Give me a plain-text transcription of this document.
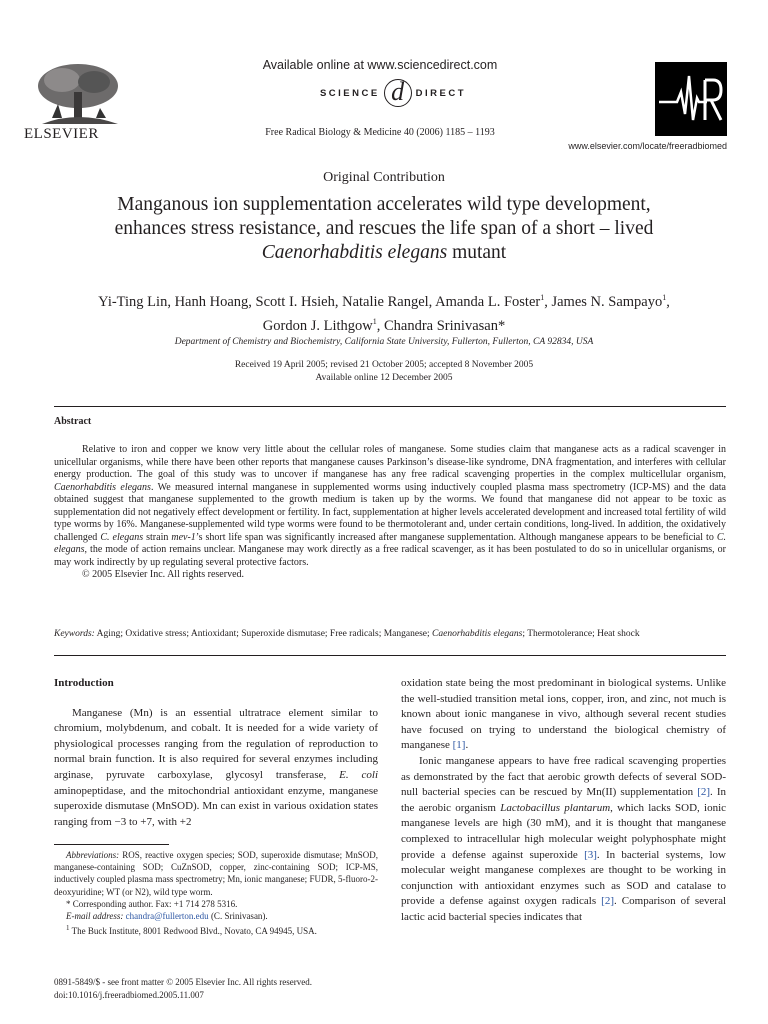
ELSEVIER
Available online at www.sciencedirect.com
SCIENCE d	DIRECT
Free Radical Biology & Medicine 40 (2006) 1185 – 1193
www.elsevier.com/locate/freeradbiomed
Original Contribution
Manganous ion supplementation accelerates wild type development,
enhances stress resistance, and rescues the life span of a short – lived
Caenorhabditis elegans mutant
Yi-Ting Lin, Hanh Hoang, Scott I. Hsieh, Natalie Rangel, Amanda L. Foster$^1$, James N. Sampayo$^1$,
Gordon J. Lithgow$^1$, Chandra Srinivasan*
Department of Chemistry and Biochemistry, California State University, Fullerton, Fullerton, CA 92834, USA
Received 19 April 2005; revised 21 October 2005; accepted 8 November 2005
Available online 12 December 2005
Abstract

Relative to iron and copper we know very little about the cellular roles of manganese. Some studies claim that manganese acts as a radical scavenger in unicellular organisms, while there have been other reports that manganese causes Parkinson’s disease-like syndrome, DNA fragmentation, and interferes with cellular energy production. The goal of this study was to uncover if manganese has any free radical scavenging properties in the complex multicellular organism, Caenorhabditis elegans. We measured internal manganese in supplemented worms using inductively coupled plasma mass spectrometry (ICP-MS) and the data obtained suggest that manganese supplemented to the growth medium is taken up by the worms. We found that manganese did not appear to be toxic as supplementation did not negatively effect development or fertility. In fact, supplementation at higher levels accelerated development and increased total fertility of wild type worms by 16%. Manganese-supplemented wild type worms were found to be thermotolerant and, under certain conditions, long-lived. In addition, the oxidatively challenged C. elegans strain mev-1’s short life span was significantly increased after manganese supplementation. Although manganese appears to be beneficial to C. elegans, the mode of action remains unclear. Manganese may work directly as a free radical scavenger, as it has been postulated to do so in unicellular organisms, or may work indirectly by up regulating several protective factors.

© 2005 Elsevier Inc. All rights reserved.

Keywords: Aging; Oxidative stress; Antioxidant; Superoxide dismutase; Free radicals; Manganese; Caenorhabditis elegans; Thermotolerance; Heat shock
Introduction

Manganese (Mn) is an essential ultratrace element similar to chromium, molybdenum, and cobalt. It is needed for a wide variety of physiological processes ranging from the regulation of reproduction to normal brain function. It is also required for several enzymes including arginase, pyruvate carboxylase, glycosyl transferase, E. coli aminopeptidase, and the mitochondrial antioxidant enzyme, manganese superoxide dismutase (MnSOD). Mn can exist in various oxidation states ranging from −3 to +7, with +2

Abbreviations: ROS, reactive oxygen species; SOD, superoxide dismutase; MnSOD, manganese-containing SOD; CuZnSOD, copper, zinc-containing SOD; ICP-MS, inductively coupled plasma mass spectrometry; Mn, ionic manganese; FUDR, 5-fluoro-2-deoxyuridine; WT (or N2), wild type worm.

* Corresponding author. Fax: +1 714 278 5316.

E-mail address: chandra@fullerton.edu (C. Srinivasan).

$^1$ The Buck Institute, 8001 Redwood Blvd., Novato, CA 94945, USA.

0891-5849/$ - see front matter © 2005 Elsevier Inc. All rights reserved.
doi:10.1016/j.freeradbiomed.2005.11.007

oxidation state being the most predominant in biological systems. Unlike the well-studied transition metal ions, copper, iron, and zinc, not much is known about ionic manganese in vivo, although several recent studies have focused on trying to understand the biological chemistry of manganese [1].

Ionic manganese appears to have free radical scavenging properties as demonstrated by the fact that aerobic growth defects of several SOD-null bacterial species can be rescued by Mn(II) supplementation [2]. In the aerobic organism Lactobacillus plantarum, which lacks SOD, ionic manganese levels are high (30 mM), and it is thought that manganese complexed to intracellular high molecular weight polyphosphate might provide a defense against superoxide [3]. In bacterial systems, low molecular weight manganese complexes are thought to be working in conjunction with antioxidant enzymes such as SOD and catalase to provide a defense against oxygen radicals [2]. Comparison of several lactic acid bacterial species indicates that
